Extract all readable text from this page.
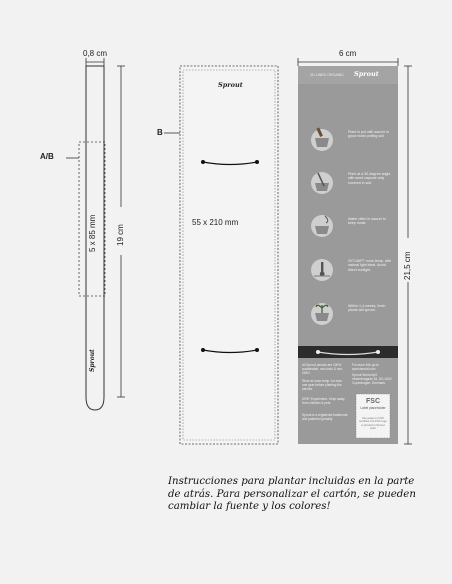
0,8 cm
A/B
5 x 85 mm 19 cm
Sprout
B
Sprout
55 x 210 mm
6 cm
21,5 cm
3D LINED ORGANIC Sprout
Plant in pot with saucer in good moist potting soil.
Plant at a 30-degree angle with seed capsule only covered in soil.
Water often in saucer to keep moist.
20°C/68°F room temp. with natural light ideal. Avoid direct sunlight.
Within 1-4 weeks, fresh plants will sprout.
All Sprout pencils are 100% sustainable, non-toxic & non-GMO.
Store at room temp. for max. one year before planting the pencils.
DRIP. Experiment. Keep away from children & pets.
Sprout is a registered trademark and patented globally.
For more info go to sproutworld.com
Sprout World ApS Vesterbrogade 16, DK-1620 Copenhagen, Denmark.
FSC
Label placeholder
Use paper in FSC certified, but FSC logo is printed in Sprout color
Instrucciones para plantar incluidas en la parte de atrás. Para personalizar el cartón, se pueden cambiar la fuente y los colores!
